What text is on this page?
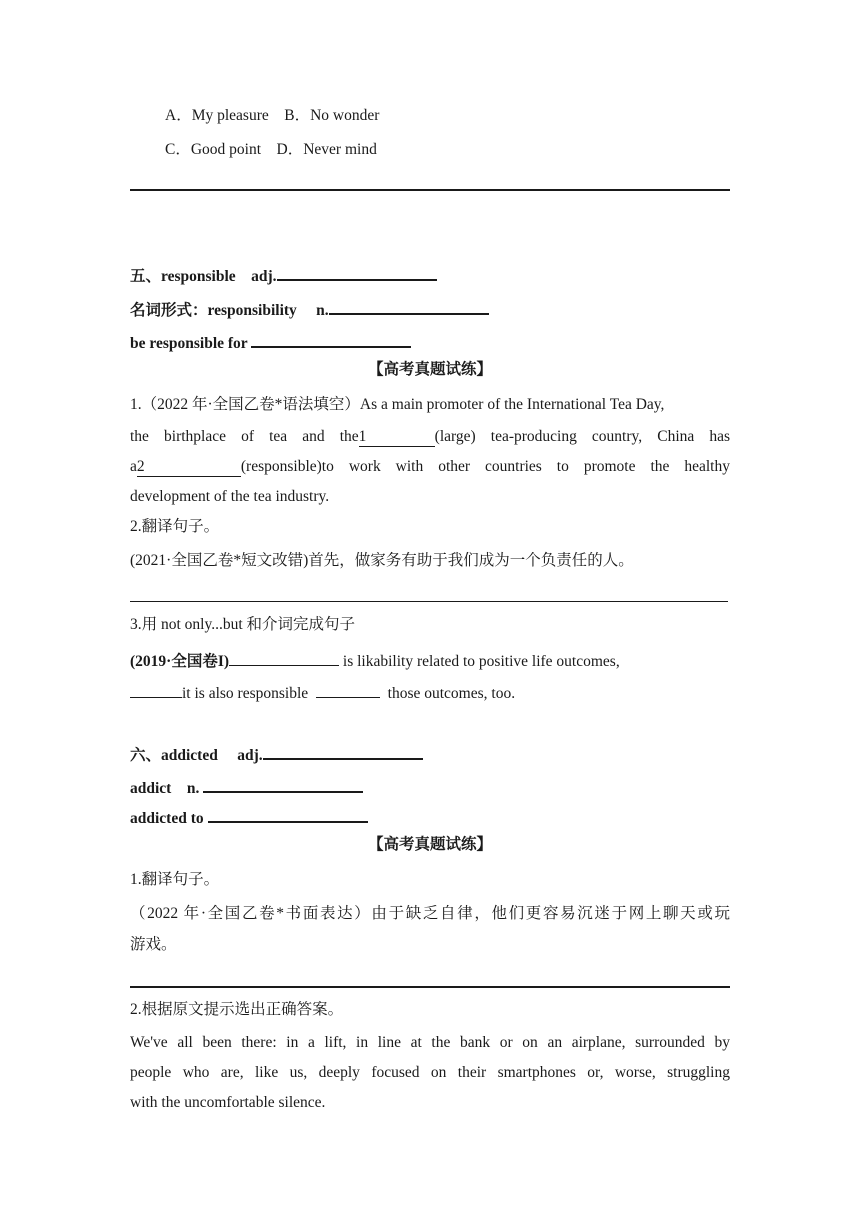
A．My pleasure　B．No wonder
C．Good point　D．Never mind
五、responsible　adj.
名词形式：responsibility　 n.
be responsible for
【高考真题试练】
1.（2022 年·全国乙卷*语法填空）As a main promoter of the International Tea Day,
the birthplace of tea and the1	(large) tea-producing country, China has
a2	(responsible)to work with other countries to promote the healthy
development of the tea industry.
2.翻译句子。
(2021·全国乙卷*短文改错)首先，做家务有助于我们成为一个负责任的人。
3.用 not only...but 和介词完成句子
(2019·全国卷I)	is likability related to positive life outcomes,
it is also responsible	those outcomes, too.
六、addicted　 adj.
addict　n.
addicted to
【高考真题试练】
1.翻译句子。
（2022 年·全国乙卷*书面表达）由于缺乏自律，他们更容易沉迷于网上聊天或玩
游戏。
2.根据原文提示选出正确答案。
We've all been there: in a lift, in line at the bank or on an airplane, surrounded by
people who are, like us, deeply focused on their smartphones or, worse, struggling
with the uncomfortable silence.
